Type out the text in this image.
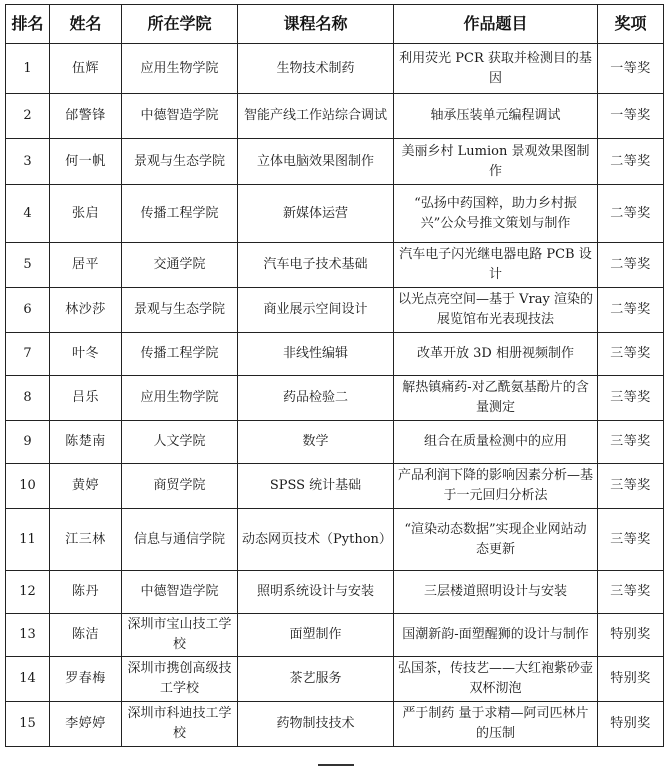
排名	姓名	所在学院	课程名称	作品题目	奖项
1	伍辉	应用生物学院	生物技术制药	利用荧光 PCR 获取并检测目的基因	一等奖
2	邰警锋	中德智造学院	智能产线工作站综合调试	轴承压装单元编程调试	一等奖
3	何一帆	景观与生态学院	立体电脑效果图制作	美丽乡村 Lumion 景观效果图制作	二等奖
4	张启	传播工程学院	新媒体运营	“弘扬中药国粹，助力乡村振兴”公众号推文策划与制作	二等奖
5	居平	交通学院	汽车电子技术基础	汽车电子闪光继电器电路 PCB 设计	二等奖
6	林沙莎	景观与生态学院	商业展示空间设计	以光点亮空间—基于 Vray 渲染的展览馆布光表现技法	二等奖
7	叶冬	传播工程学院	非线性编辑	改革开放 3D 相册视频制作	三等奖
8	吕乐	应用生物学院	药品检验二	解热镇痛药-对乙酰氨基酚片的含量测定	三等奖
9	陈楚南	人文学院	数学	组合在质量检测中的应用	三等奖
10	黄婷	商贸学院	SPSS 统计基础	产品利润下降的影响因素分析—基于一元回归分析法	三等奖
11	江三林	信息与通信学院	动态网页技术（Python）	“渲染动态数据”实现企业网站动态更新	三等奖
12	陈丹	中德智造学院	照明系统设计与安装	三层楼道照明设计与安装	三等奖
13	陈洁	深圳市宝山技工学校	面塑制作	国潮新韵-面塑醒狮的设计与制作	特别奖
14	罗春梅	深圳市携创高级技工学校	茶艺服务	弘国茶，传技艺——大红袍紫砂壶双杯沏泡	特别奖
15	李婷婷	深圳市科迪技工学校	药物制技技术	严于制药 量于求精—阿司匹林片的压制	特别奖
